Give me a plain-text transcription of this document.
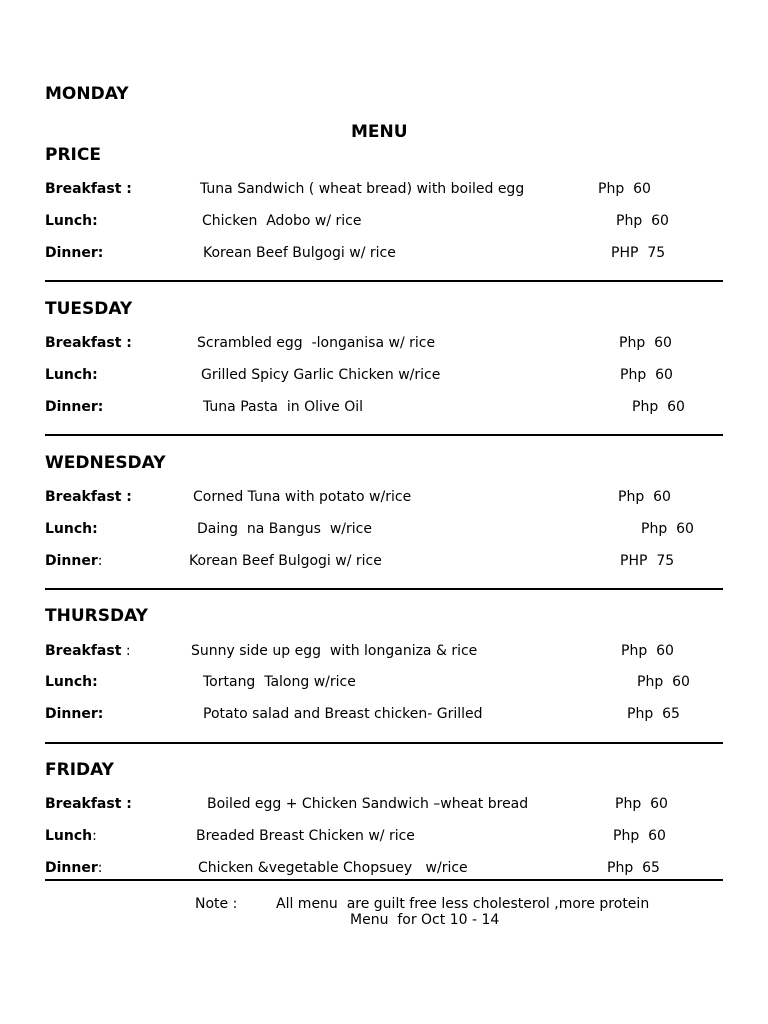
MONDAY
MENU
PRICE
Breakfast :	Tuna Sandwich ( wheat bread) with boiled egg	Php  60
Lunch:	Chicken  Adobo w/ rice	Php  60
Dinner:	Korean Beef Bulgogi w/ rice	PHP  75
TUESDAY
Breakfast :	Scrambled egg  -longanisa w/ rice	Php  60
Lunch:	Grilled Spicy Garlic Chicken w/rice	Php  60
Dinner:	Tuna Pasta  in Olive Oil	Php  60
WEDNESDAY
Breakfast :	Corned Tuna with potato w/rice	Php  60
Lunch:	Daing  na Bangus  w/rice	Php  60
Dinner:	Korean Beef Bulgogi w/ rice	PHP  75
THURSDAY
Breakfast :	Sunny side up egg  with longaniza & rice	Php  60
Lunch:	Tortang  Talong w/rice	Php  60
Dinner:	Potato salad and Breast chicken- Grilled	Php  65
FRIDAY
Breakfast :	Boiled egg + Chicken Sandwich –wheat bread	Php  60
Lunch:	Breaded Breast Chicken w/ rice	Php  60
Dinner:	Chicken &vegetable Chopsuey   w/rice	Php  65
Note :	All menu  are guilt free less cholesterol ,more protein
Menu  for Oct 10 - 14
